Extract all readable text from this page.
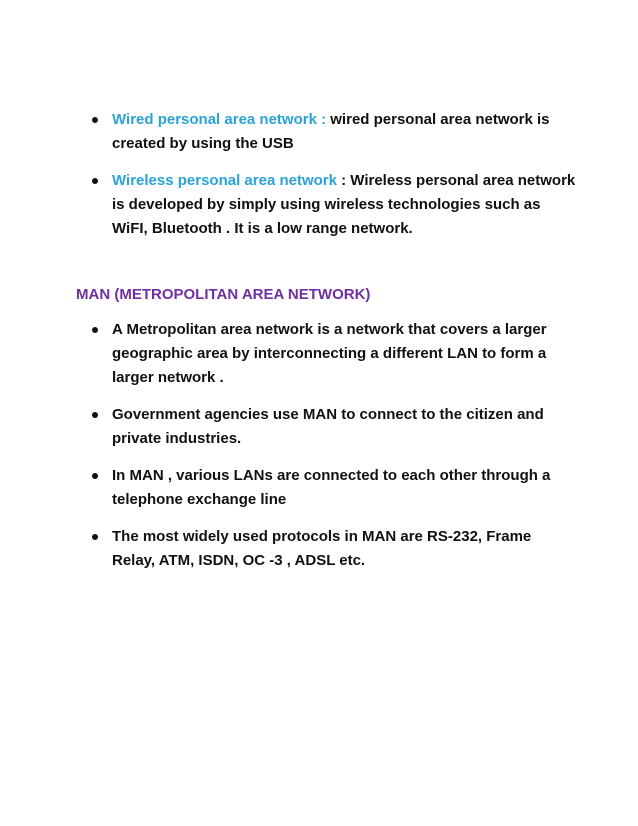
Wired personal area network : wired personal area network is created by using the USB
Wireless personal area network : Wireless personal area network is developed by simply using wireless technologies such as WiFI, Bluetooth . It is a low range network.
MAN (METROPOLITAN AREA NETWORK)
A Metropolitan area network is a network that covers a larger geographic area by interconnecting a different LAN to form a larger network .
Government agencies use MAN to connect to the citizen and private industries.
In MAN , various LANs are connected to each other through a telephone exchange line
The most widely used protocols in MAN are RS-232, Frame Relay, ATM, ISDN, OC -3 , ADSL etc.
